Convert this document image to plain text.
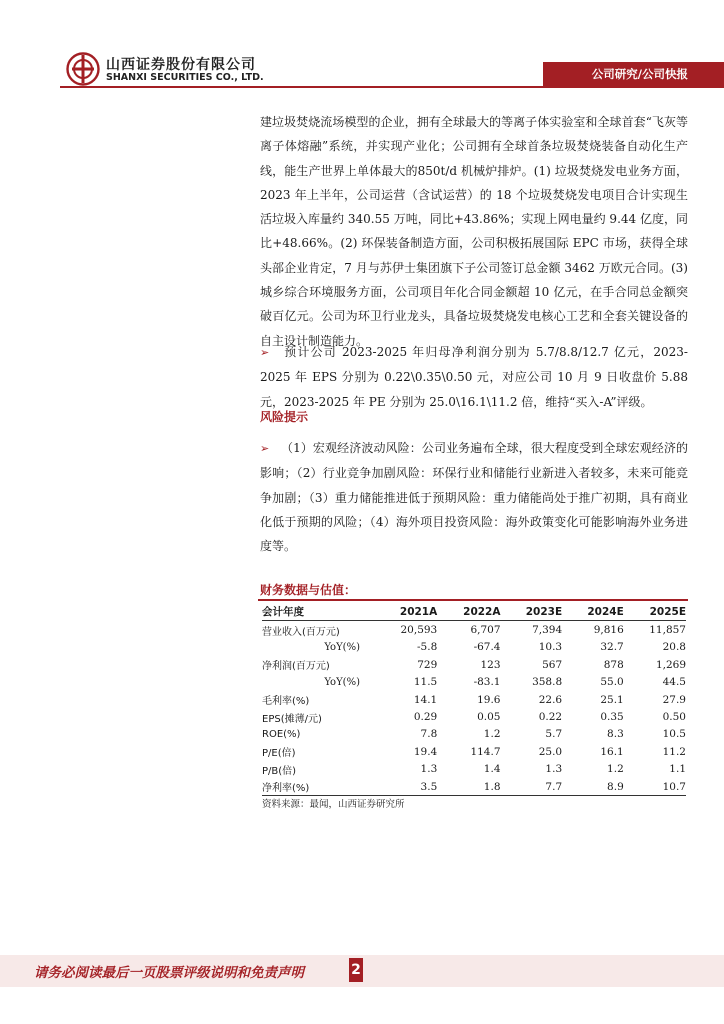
山西证券股份有限公司
SHANXI SECURITIES CO., LTD.	公司研究/公司快报

建垃圾焚烧流场模型的企业，拥有全球最大的等离子体实验室和全球首套“飞灰等离子体熔融”系统，并实现产业化；公司拥有全球首条垃圾焚烧装备自动化生产线，能生产世界上单体最大的850t/d 机械炉排炉。(1) 垃圾焚烧发电业务方面，2023 年上半年，公司运营（含试运营）的 18 个垃圾焚烧发电项目合计实现生活垃圾入库量约 340.55 万吨，同比+43.86%；实现上网电量约 9.44 亿度，同比+48.66%。(2) 环保装备制造方面，公司积极拓展国际 EPC 市场，获得全球头部企业肯定，7 月与苏伊士集团旗下子公司签订总金额 3462 万欧元合同。(3) 城乡综合环境服务方面，公司项目年化合同金额超 10 亿元，在手合同总金额突破百亿元。公司为环卫行业龙头，具备垃圾焚烧发电核心工艺和全套关键设备的自主设计制造能力。

➢ 预计公司 2023-2025 年归母净利润分别为 5.7/8.8/12.7 亿元，2023-2025 年 EPS 分别为 0.22\0.35\0.50 元，对应公司 10 月 9 日收盘价 5.88 元，2023-2025 年 PE 分别为 25.0\16.1\11.2 倍，维持“买入-A”评级。

风险提示

➢ （1）宏观经济波动风险：公司业务遍布全球，很大程度受到全球宏观经济的影响；（2）行业竞争加剧风险：环保行业和储能行业新进入者较多，未来可能竞争加剧；（3）重力储能推进低于预期风险：重力储能尚处于推广初期，具有商业化低于预期的风险；（4）海外项目投资风险：海外政策变化可能影响海外业务进度等。

财务数据与估值：

会计年度	2021A	2022A	2023E	2024E	2025E
营业收入(百万元)	20,593	6,707	7,394	9,816	11,857
YoY(%)	-5.8	-67.4	10.3	32.7	20.8
净利润(百万元)	729	123	567	878	1,269
YoY(%)	11.5	-83.1	358.8	55.0	44.5
毛利率(%)	14.1	19.6	22.6	25.1	27.9
EPS(摊薄/元)	0.29	0.05	0.22	0.35	0.50
ROE(%)	7.8	1.2	5.7	8.3	10.5
P/E(倍)	19.4	114.7	25.0	16.1	11.2
P/B(倍)	1.3	1.4	1.3	1.2	1.1
净利率(%)	3.5	1.8	7.7	8.9	10.7

资料来源：最闻，山西证券研究所

请务必阅读最后一页股票评级说明和免责声明	2
